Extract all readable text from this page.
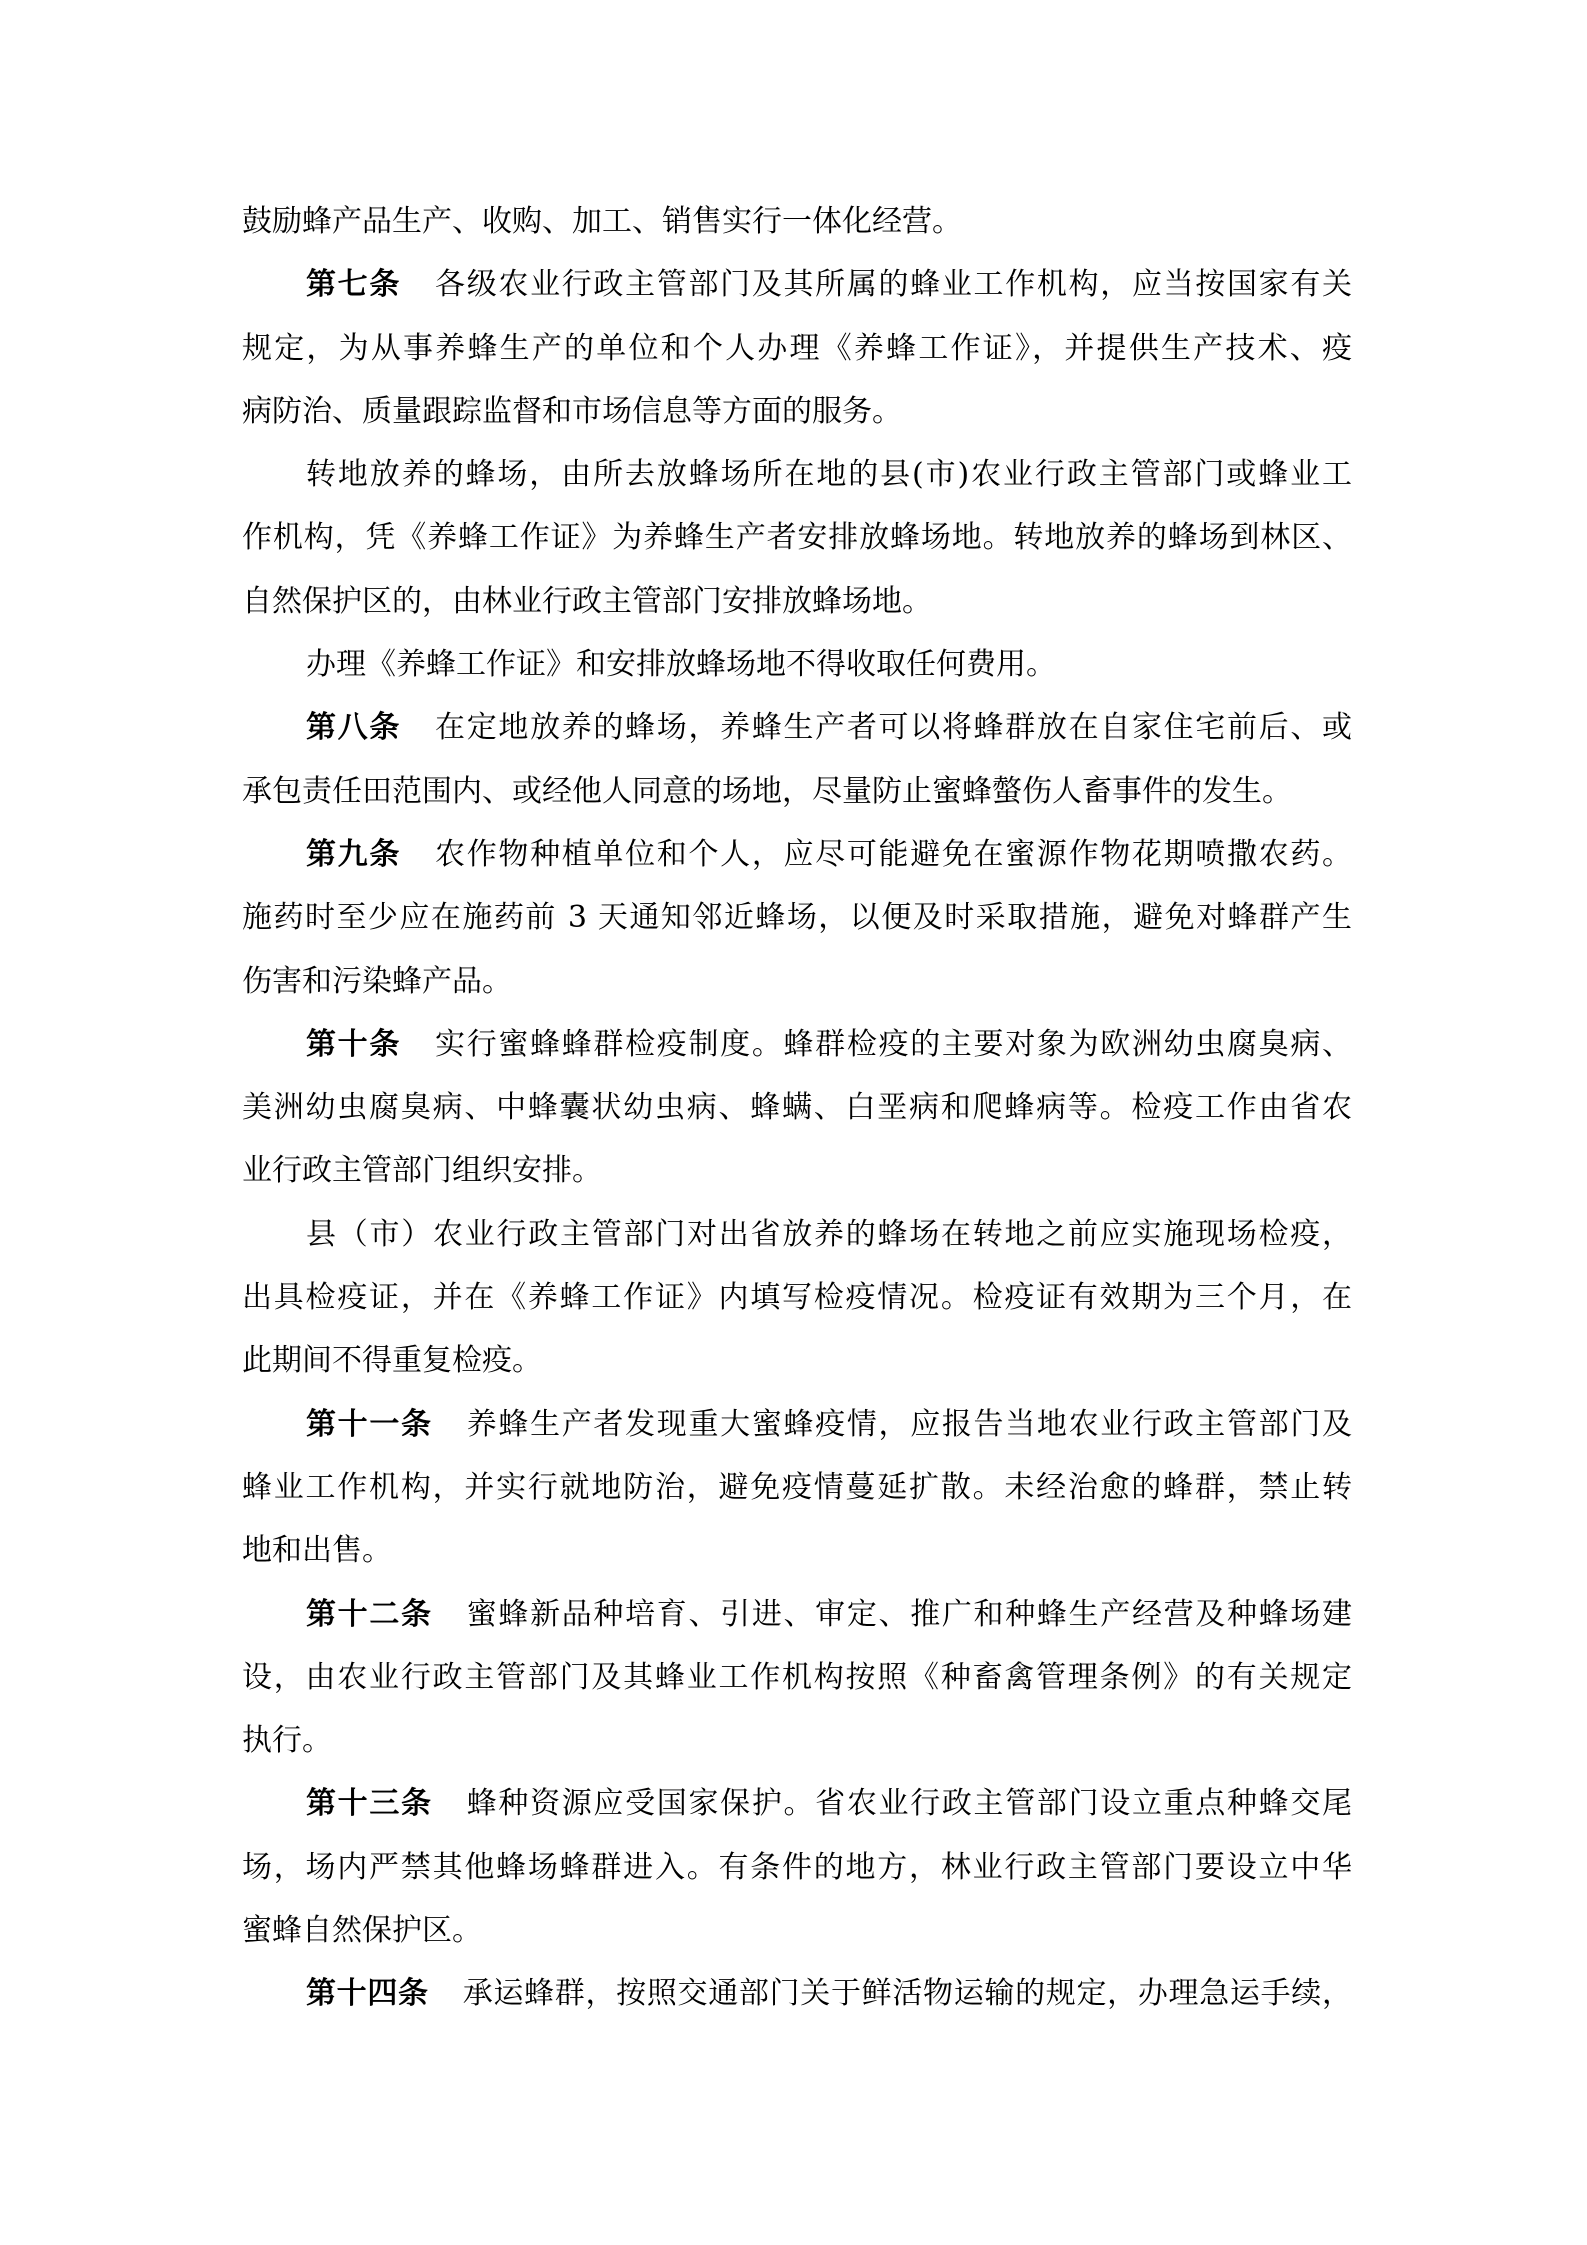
鼓励蜂产品生产、收购、加工、销售实行一体化经营。
第七条 各级农业行政主管部门及其所属的蜂业工作机构，应当按国家有关
规定，为从事养蜂生产的单位和个人办理《养蜂工作证》，并提供生产技术、疫
病防治、质量跟踪监督和市场信息等方面的服务。
转地放养的蜂场，由所去放蜂场所在地的县(市)农业行政主管部门或蜂业工
作机构，凭《养蜂工作证》为养蜂生产者安排放蜂场地。转地放养的蜂场到林区、
自然保护区的，由林业行政主管部门安排放蜂场地。
办理《养蜂工作证》和安排放蜂场地不得收取任何费用。
第八条 在定地放养的蜂场，养蜂生产者可以将蜂群放在自家住宅前后、或
承包责任田范围内、或经他人同意的场地，尽量防止蜜蜂螫伤人畜事件的发生。
第九条 农作物种植单位和个人，应尽可能避免在蜜源作物花期喷撒农药。
施药时至少应在施药前 3 天通知邻近蜂场，以便及时采取措施，避免对蜂群产生
伤害和污染蜂产品。
第十条 实行蜜蜂蜂群检疫制度。蜂群检疫的主要对象为欧洲幼虫腐臭病、
美洲幼虫腐臭病、中蜂囊状幼虫病、蜂螨、白垩病和爬蜂病等。检疫工作由省农
业行政主管部门组织安排。
县（市）农业行政主管部门对出省放养的蜂场在转地之前应实施现场检疫，
出具检疫证，并在《养蜂工作证》内填写检疫情况。检疫证有效期为三个月，在
此期间不得重复检疫。
第十一条 养蜂生产者发现重大蜜蜂疫情，应报告当地农业行政主管部门及
蜂业工作机构，并实行就地防治，避免疫情蔓延扩散。未经治愈的蜂群，禁止转
地和出售。
第十二条 蜜蜂新品种培育、引进、审定、推广和种蜂生产经营及种蜂场建
设，由农业行政主管部门及其蜂业工作机构按照《种畜禽管理条例》的有关规定
执行。
第十三条 蜂种资源应受国家保护。省农业行政主管部门设立重点种蜂交尾
场，场内严禁其他蜂场蜂群进入。有条件的地方，林业行政主管部门要设立中华
蜜蜂自然保护区。
第十四条 承运蜂群，按照交通部门关于鲜活物运输的规定，办理急运手续，
